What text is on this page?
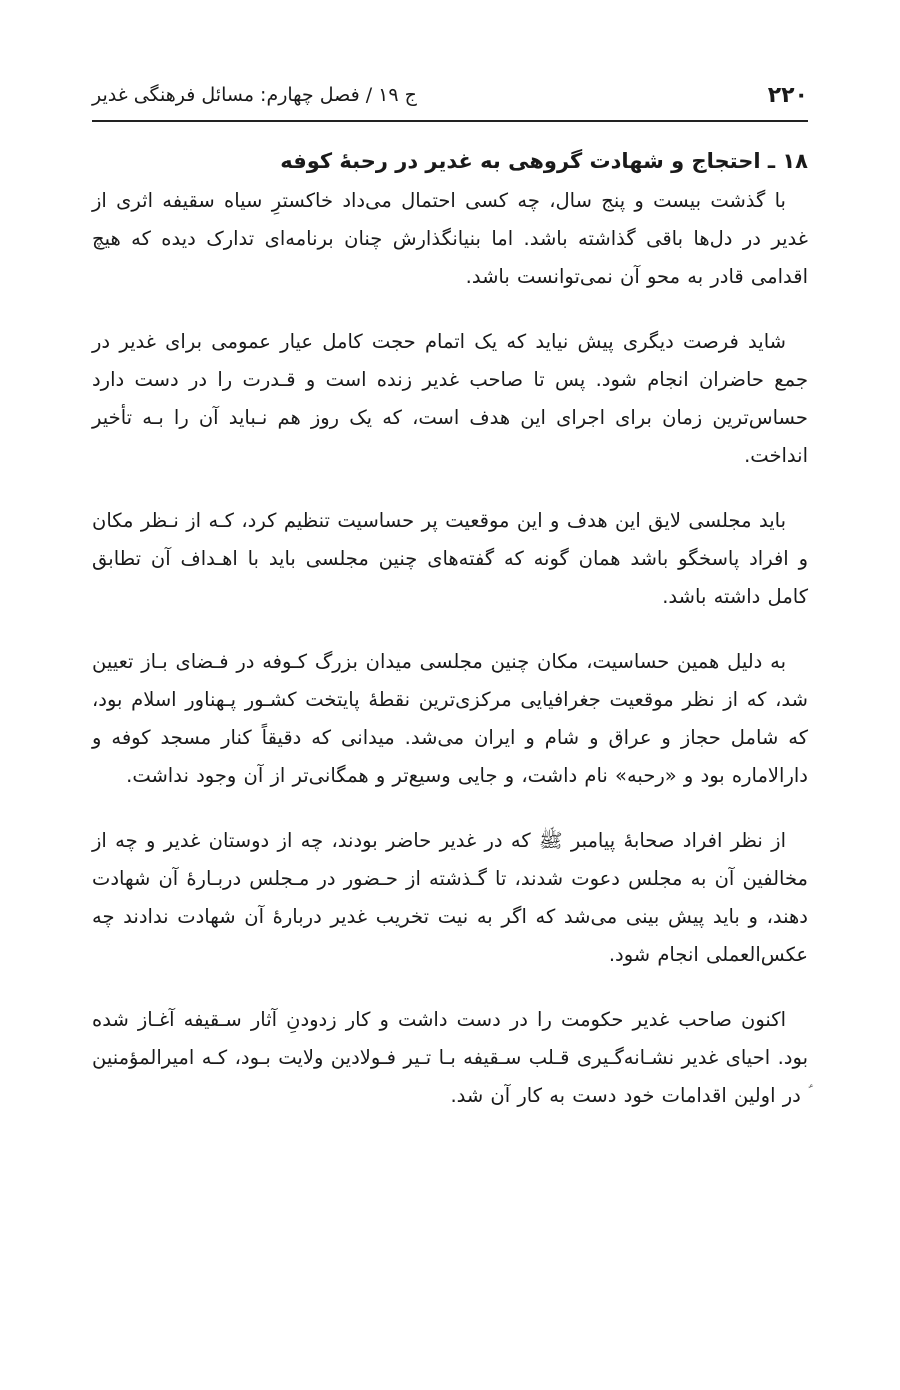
۲۲۰
ج ۱۹ / فصل چهارم: مسائل فرهنگی غدیر
۱۸ ـ احتجاج و شهادت گروهی به غدیر در رحبۀ کوفه

با گذشت بیست و پنج سال، چه کسی احتمال می‌داد خاکسترِ سیاه سقیفه اثری از غدیر در دل‌ها باقی گذاشته باشد. اما بنیانگذارش چنان برنامه‌ای تدارک دیده که هیچ اقدامی قادر به محو آن نمی‌توانست باشد.

شاید فرصت دیگری پیش نیاید که یک اتمام حجت کامل عیار عمومی برای غدیر در جمع حاضران انجام شود. پس تا صاحب غدیر زنده است و قـدرت را در دست دارد حساس‌ترین زمان برای اجرای این هدف است، که یک روز هم نـباید آن را بـه تأخیر انداخت.

باید مجلسی لایق این هدف و این موقعیت پر حساسیت تنظیم کرد، کـه از نـظر مکان و افراد پاسخگو باشد همان گونه که گفته‌های چنین مجلسی باید با اهـداف آن تطابق کامل داشته باشد.

به دلیل همین حساسیت، مکان چنین مجلسی میدان بزرگ کـوفه در فـضای بـاز تعیین شد، که از نظر موقعیت جغرافیایی مرکزی‌ترین نقطۀ پایتخت کشـور پـهناور اسلام بود، که شامل حجاز و عراق و شام و ایران می‌شد. میدانی که دقیقاً کنار مسجد کوفه و دارالاماره بود و «رحبه» نام داشت، و جایی وسیع‌تر و همگانی‌تر از آن وجود نداشت.

از نظر افراد صحابۀ پیامبر ﷺ که در غدیر حاضر بودند، چه از دوستان غدیر و چه از مخالفین آن به مجلس دعوت شدند، تا گـذشته از حـضور در مـجلس دربـارۀ آن شهادت دهند، و باید پیش بینی می‌شد که اگر به نیت تخریب غدیر دربارۀ آن شهادت ندادند چه عکس‌العملی انجام شود.

اکنون صاحب غدیر حکومت را در دست داشت و کار زدودنِ آثار سـقیفه آغـاز شده بود. احیای غدیر نشـانه‌گـیری قـلب سـقیفه بـا تـیر فـولادین ولایت بـود، کـه امیرالمؤمنین ؑ در اولین اقدامات خود دست به کار آن شد.
